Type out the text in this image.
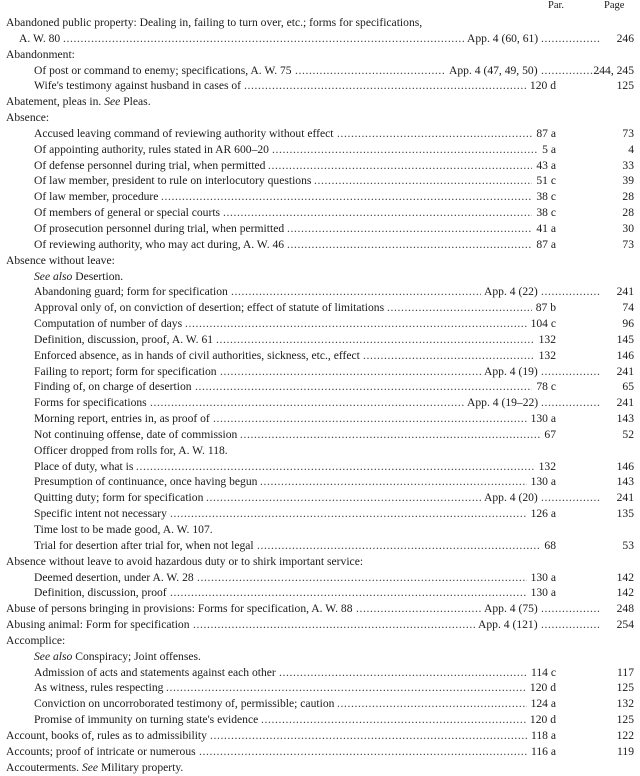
Par.	Page
Abandoned public property: Dealing in, failing to turn over, etc.; forms for specifications,
A. W. 80	App. 4 (60, 61)	246
.....
.....
Abandonment:
Of post or command to enemy; specifications, A. W. 75	App. 4 (47, 49, 50)	244, 245
.....
.....
Wife's testimony against husband in cases of	120 d	125
.....
Abatement, pleas in. See Pleas.
Absence:
Accused leaving command of reviewing authority without effect	87 a	73
.....
Of appointing authority, rules stated in AR 600–20	5 a	4
.....
Of defense personnel during trial, when permitted	43 a	33
.....
Of law member, president to rule on interlocutory questions	51 c	39
.....
Of law member, procedure	38 c	28
.....
Of members of general or special courts	38 c	28
.....
Of prosecution personnel during trial, when permitted	41 a	30
.....
Of reviewing authority, who may act during, A. W. 46	87 a	73
.....
Absence without leave:
See also Desertion.
Abandoning guard; form for specification	App. 4 (22)	241
.....
.....
Approval only of, on conviction of desertion; effect of statute of limitations	87 b	74
.....
Computation of number of days	104 c	96
.....
Definition, discussion, proof, A. W. 61	132	145
.....
Enforced absence, as in hands of civil authorities, sickness, etc., effect	132	146
.....
Failing to report; form for specification	App. 4 (19)	241
.....
.....
Finding of, on charge of desertion	78 c	65
.....
Forms for specifications	App. 4 (19–22)	241
.....
.....
Morning report, entries in, as proof of	130 a	143
.....
Not continuing offense, date of commission	67	52
.....
Officer dropped from rolls for, A. W. 118.
Place of duty, what is	132	146
.....
Presumption of continuance, once having begun	130 a	143
.....
Quitting duty; form for specification	App. 4 (20)	241
.....
.....
Specific intent not necessary	126 a	135
.....
Time lost to be made good, A. W. 107.
Trial for desertion after trial for, when not legal	68	53
.....
Absence without leave to avoid hazardous duty or to shirk important service:
Deemed desertion, under A. W. 28	130 a	142
.....
Definition, discussion, proof	130 a	142
.....
Abuse of persons bringing in provisions: Forms for specification, A. W. 88	App. 4 (75)	248
.....
.....
Abusing animal: Form for specification	App. 4 (121)	254
.....
.....
Accomplice:
See also Conspiracy; Joint offenses.
Admission of acts and statements against each other	114 c	117
.....
As witness, rules respecting	120 d	125
.....
Conviction on uncorroborated testimony of, permissible; caution	124 a	132
.....
Promise of immunity on turning state's evidence	120 d	125
.....
Account, books of, rules as to admissibility	118 a	122
.....
Accounts; proof of intricate or numerous	116 a	119
.....
Accouterments. See Military property.
